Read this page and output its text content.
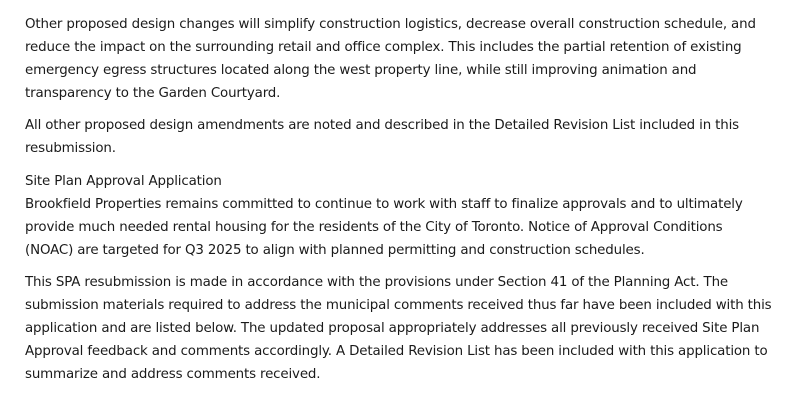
Other proposed design changes will simplify construction logistics, decrease overall construction schedule, and
reduce the impact on the surrounding retail and office complex. This includes the partial retention of existing
emergency egress structures located along the west property line, while still improving animation and
transparency to the Garden Courtyard.

All other proposed design amendments are noted and described in the Detailed Revision List included in this
resubmission.

Site Plan Approval Application

Brookfield Properties remains committed to continue to work with staff to finalize approvals and to ultimately
provide much needed rental housing for the residents of the City of Toronto. Notice of Approval Conditions
(NOAC) are targeted for Q3 2025 to align with planned permitting and construction schedules.

This SPA resubmission is made in accordance with the provisions under Section 41 of the Planning Act. The
submission materials required to address the municipal comments received thus far have been included with this
application and are listed below. The updated proposal appropriately addresses all previously received Site Plan
Approval feedback and comments accordingly. A Detailed Revision List has been included with this application to
summarize and address comments received.
